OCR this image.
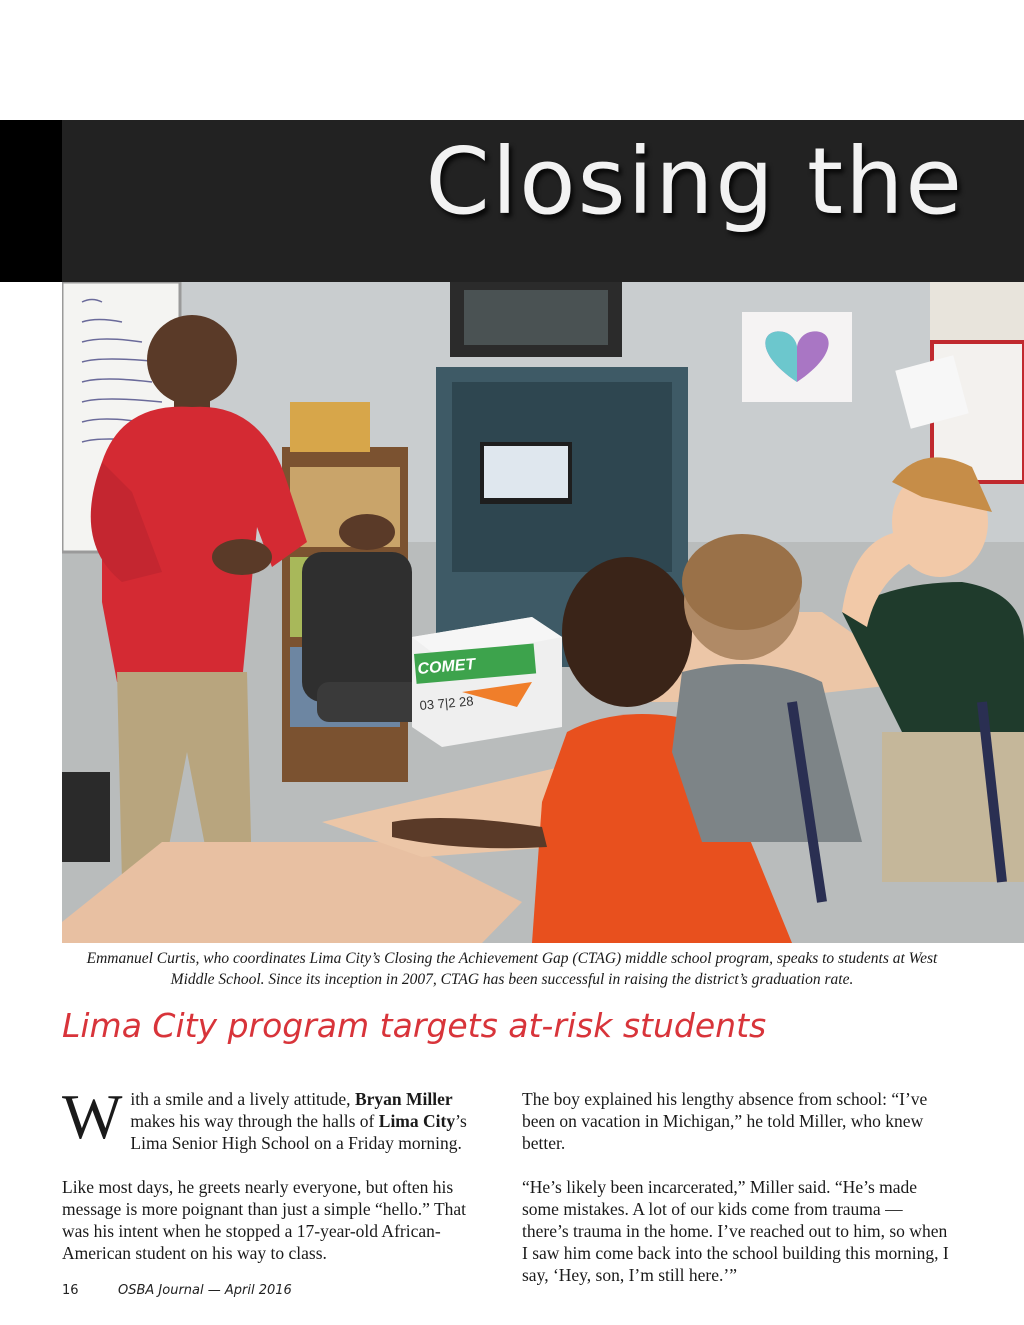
Closing the
COMET
03 7|2 28
Emmanuel Curtis, who coordinates Lima City’s Closing the Achievement Gap (CTAG) middle school program, speaks to students at West
Middle School. Since its inception in 2007, CTAG has been successful in raising the district’s graduation rate.
Lima City program targets at-risk students

With a smile and a lively attitude, Bryan Miller makes his way through the halls of Lima City’s Lima Senior High School on a Friday morning.

Like most days, he greets nearly everyone, but often his message is more poignant than just a simple “hello.” That was his intent when he stopped a 17-year-old African-American student on his way to class.

The boy explained his lengthy absence from school: “I’ve been on vacation in Michigan,” he told Miller, who knew better.

“He’s likely been incarcerated,” Miller said. “He’s made some mistakes. A lot of our kids come from trauma — there’s trauma in the home. I’ve reached out to him, so when I saw him come back into the school building this morning, I say, ‘Hey, son, I’m still here.’”

16	OSBA Journal — April 2016
